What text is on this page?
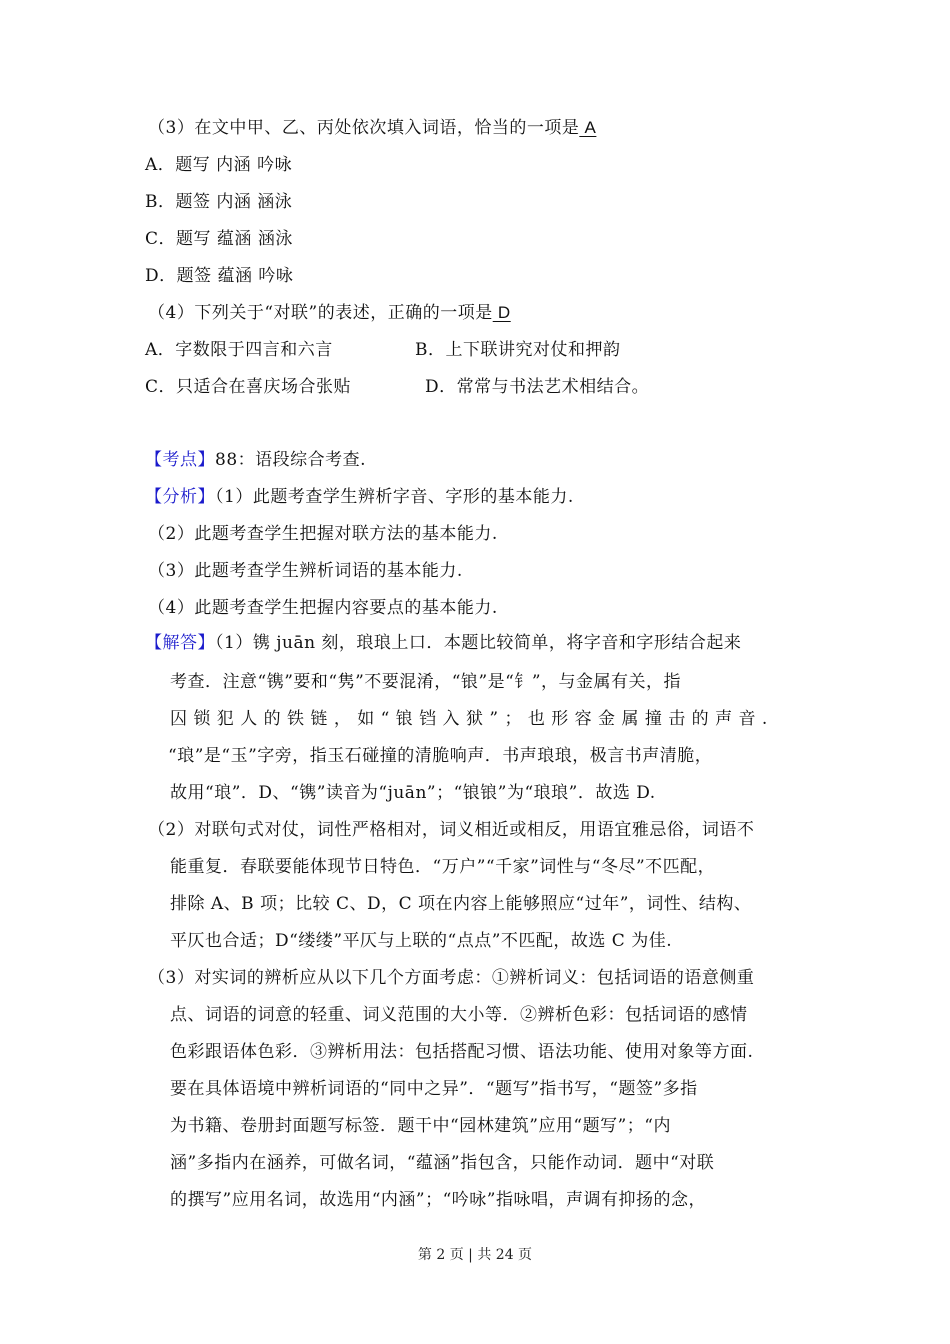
（3）在文中甲、乙、丙处依次填入词语，恰当的一项是 A
A．题写 内涵 吟咏
B．题签 内涵 涵泳
C．题写 蕴涵 涵泳
D．题签 蕴涵 吟咏
（4）下列关于“对联”的表述，正确的一项是 D
A．字数限于四言和六言	B．上下联讲究对仗和押韵
C．只适合在喜庆场合张贴	D．常常与书法艺术相结合。
【考点】88：语段综合考查.
【分析】（1）此题考查学生辨析字音、字形的基本能力.
（2）此题考查学生把握对联方法的基本能力.
（3）此题考查学生辨析词语的基本能力.
（4）此题考查学生把握内容要点的基本能力.
【解答】（1）镌 juān 刻，琅琅上口．本题比较简单，将字音和字形结合起来
考查．注意“镌”要和“隽”不要混淆，“锒”是“钅”，与金属有关，指
囚 锁 犯 人 的 铁 链 ， 如 “ 锒 铛 入 狱 ” ； 也 形 容 金 属 撞 击 的 声 音 .
“琅”是“玉”字旁，指玉石碰撞的清脆响声．书声琅琅，极言书声清脆，
故用“琅”．D、“镌”读音为“juān”；“锒锒”为“琅琅”．故选 D.
（2）对联句式对仗，词性严格相对，词义相近或相反，用语宜雅忌俗，词语不
能重复．春联要能体现节日特色．“万户”“千家”词性与“冬尽”不匹配，
排除 A、B 项；比较 C、D，C 项在内容上能够照应“过年”，词性、结构、
平仄也合适；D“缕缕”平仄与上联的“点点”不匹配，故选 C 为佳.
（3）对实词的辨析应从以下几个方面考虑：①辨析词义：包括词语的语意侧重
点、词语的词意的轻重、词义范围的大小等．②辨析色彩：包括词语的感情
色彩跟语体色彩．③辨析用法：包括搭配习惯、语法功能、使用对象等方面.
要在具体语境中辨析词语的“同中之异”．“题写”指书写，“题签”多指
为书籍、卷册封面题写标签．题干中“园林建筑”应用“题写”；“内
涵”多指内在涵养，可做名词，“蕴涵”指包含，只能作动词．题中“对联
的撰写”应用名词，故选用“内涵”；“吟咏”指咏唱，声调有抑扬的念，
第 2 页 | 共 24 页
